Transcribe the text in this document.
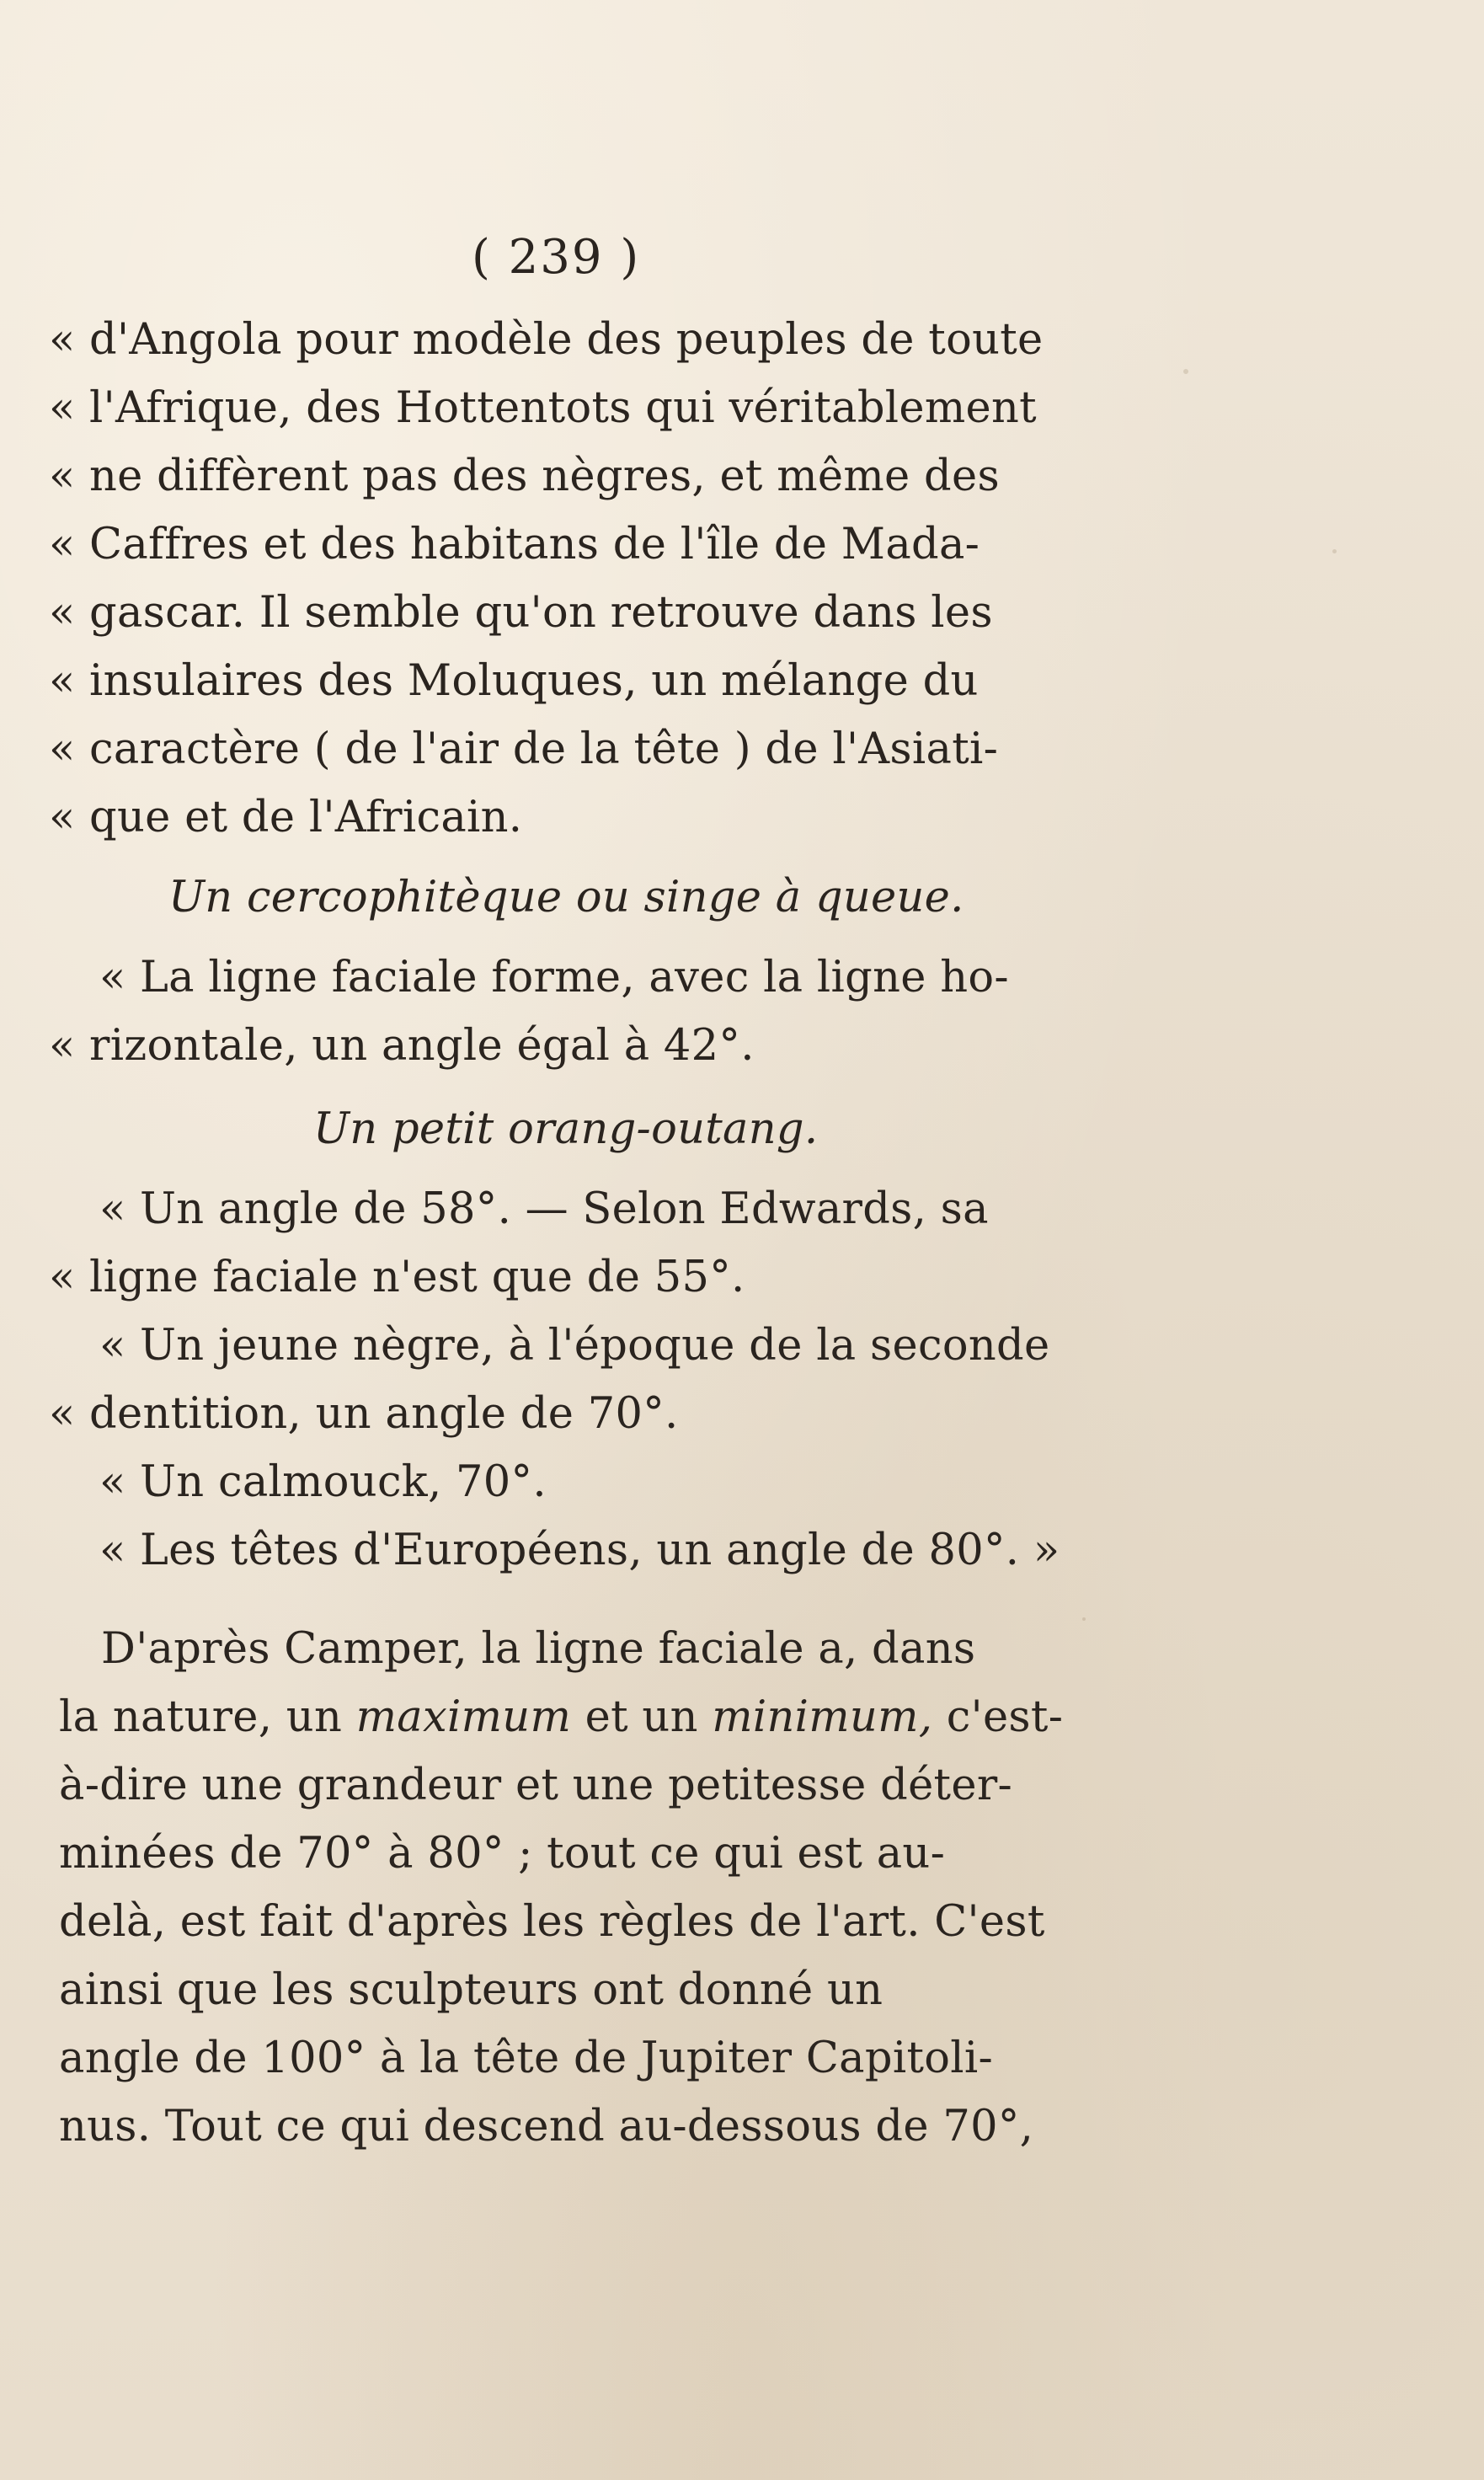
( 239 )
« d'Angola pour modèle des peuples de toute
« l'Afrique, des Hottentots qui véritablement
« ne diffèrent pas des nègres, et même des
« Caffres et des habitans de l'île de Mada-
« gascar. Il semble qu'on retrouve dans les
« insulaires des Moluques, un mélange du
« caractère ( de l'air de la tête ) de l'Asiati-
« que et de l'Africain.
Un cercophitèque ou singe à queue.
« La ligne faciale forme, avec la ligne ho-
« rizontale, un angle égal à 42°.
Un petit orang-outang.
« Un angle de 58°. — Selon Edwards, sa
« ligne faciale n'est que de 55°.
« Un jeune nègre, à l'époque de la seconde
« dentition, un angle de 70°.
« Un calmouck, 70°.
« Les têtes d'Européens, un angle de 80°. »
D'après Camper, la ligne faciale a, dans
la nature, un maximum et un minimum, c'est-
à-dire une grandeur et une petitesse déter-
minées de 70° à 80° ; tout ce qui est au-
delà, est fait d'après les règles de l'art. C'est
ainsi que les sculpteurs ont donné un
angle de 100° à la tête de Jupiter Capitoli-
nus. Tout ce qui descend au-dessous de 70°,
